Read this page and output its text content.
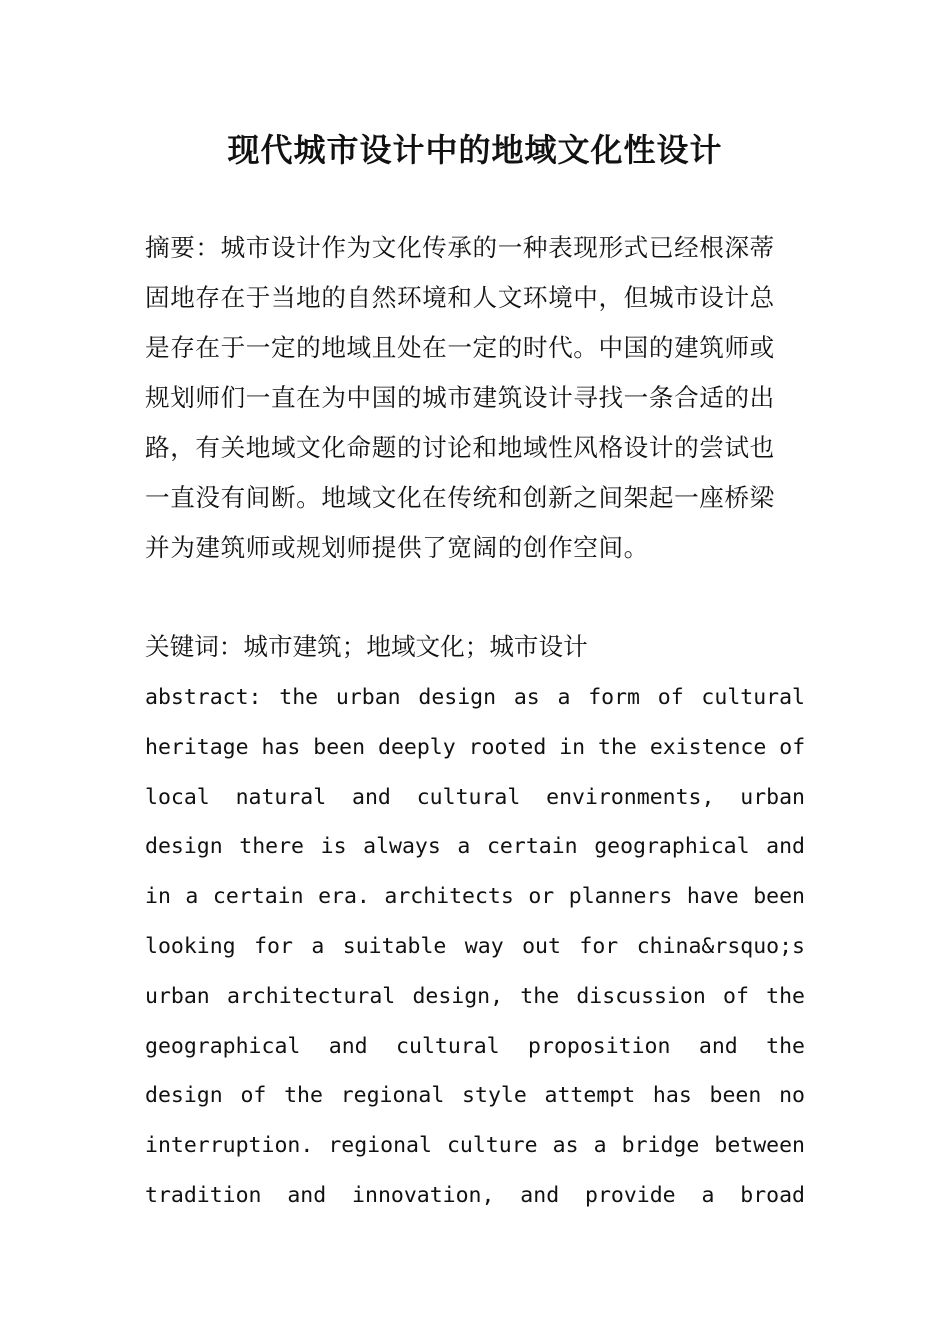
现代城市设计中的地域文化性设计

摘要：城市设计作为文化传承的一种表现形式已经根深蒂

固地存在于当地的自然环境和人文环境中，但城市设计总

是存在于一定的地域且处在一定的时代。中国的建筑师或

规划师们一直在为中国的城市建筑设计寻找一条合适的出

路，有关地域文化命题的讨论和地域性风格设计的尝试也

一直没有间断。地域文化在传统和创新之间架起一座桥梁

并为建筑师或规划师提供了宽阔的创作空间。

关键词：城市建筑；地域文化；城市设计
abstract: the urban design as a form of cultural
heritage has been deeply rooted in the existence of
local natural and cultural environments, urban
design there is always a certain geographical and
in a certain era. architects or planners have been
looking for a suitable way out for china&rsquo;s
urban architectural design, the discussion of the
geographical and cultural proposition and the
design of the regional style attempt has been no
interruption. regional culture as a bridge between
tradition and innovation, and provide a broad
